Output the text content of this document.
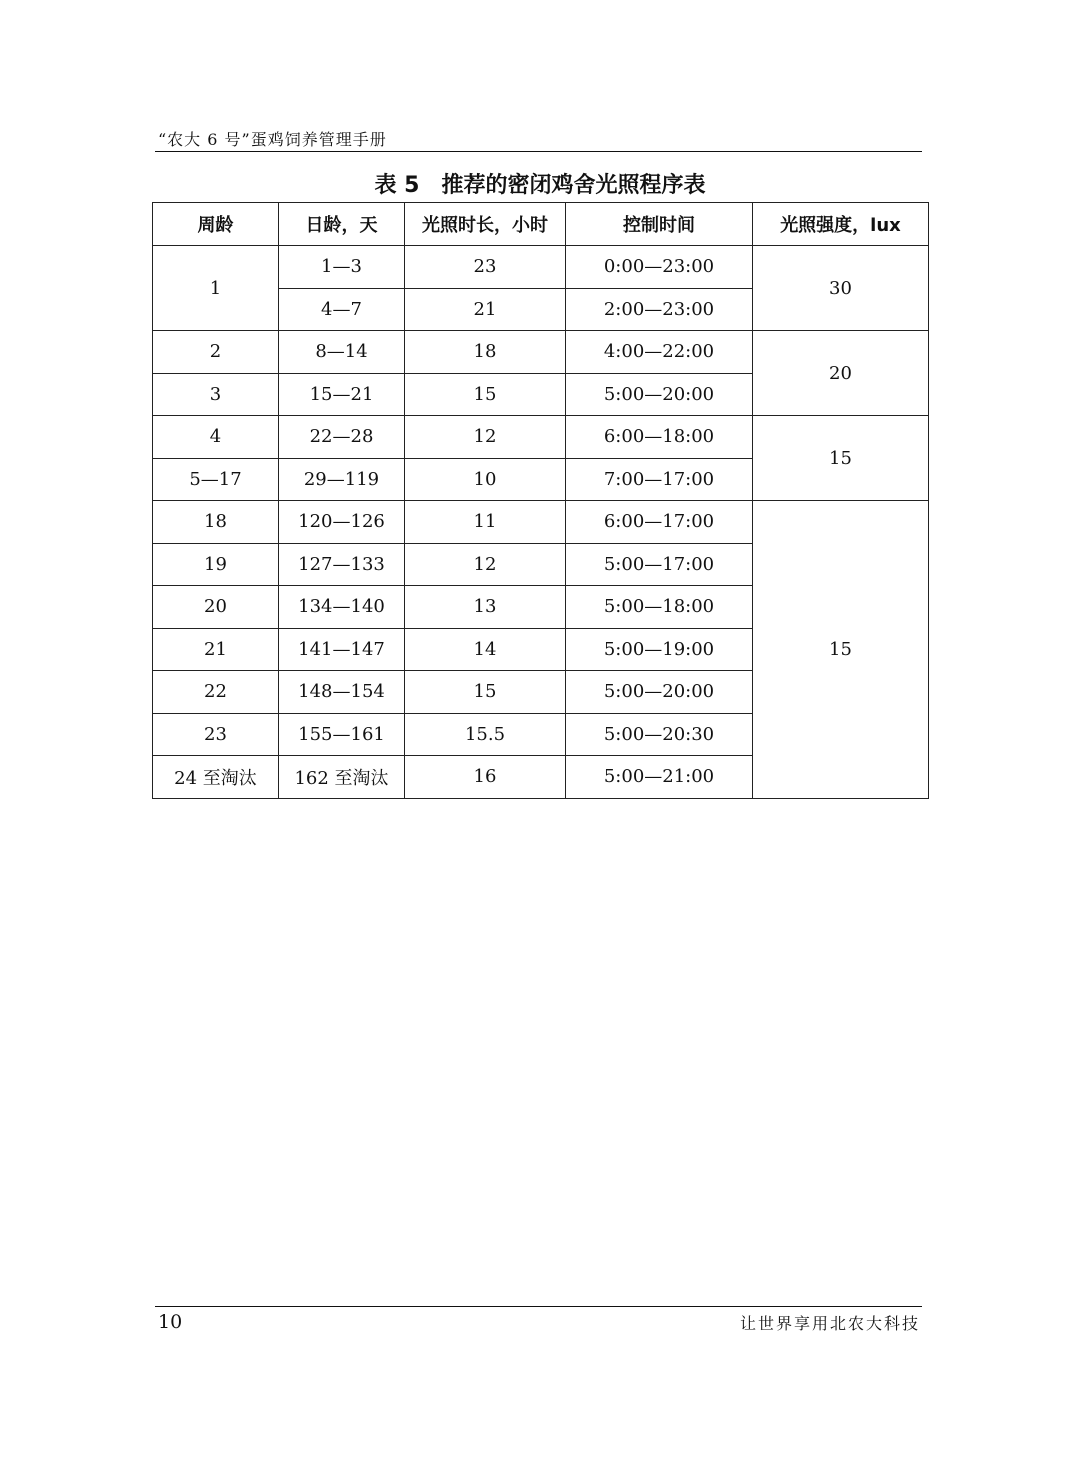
“农大 6 号”蛋鸡饲养管理手册
表 5 推荐的密闭鸡舍光照程序表
周龄	日龄，天	光照时长，小时	控制时间	光照强度，lux
1	1—3	23	0:00—23:00	30
	4—7	21	2:00—23:00	
2	8—14	18	4:00—22:00	20
3	15—21	15	5:00—20:00	
4	22—28	12	6:00—18:00	15
5—17	29—119	10	7:00—17:00	
18	120—126	11	6:00—17:00	15
19	127—133	12	5:00—17:00	
20	134—140	13	5:00—18:00	
21	141—147	14	5:00—19:00	
22	148—154	15	5:00—20:00	
23	155—161	15.5	5:00—20:30	
24 至淘汰	162 至淘汰	16	5:00—21:00	
10	让世界享用北农大科技
